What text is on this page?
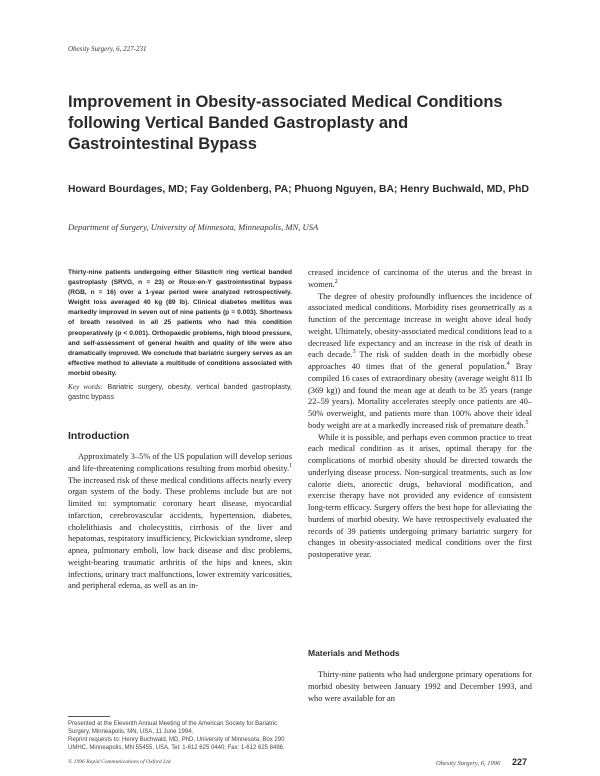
Obesity Surgery, 6, 227-231
Improvement in Obesity-associated Medical Conditions following Vertical Banded Gastroplasty and Gastrointestinal Bypass
Howard Bourdages, MD; Fay Goldenberg, PA; Phuong Nguyen, BA; Henry Buchwald, MD, PhD
Department of Surgery, University of Minnesota, Minneapolis, MN, USA
Thirty-nine patients undergoing either Silastic® ring vertical banded gastroplasty (SRVG, n = 23) or Roux-en-Y gastrointestinal bypass (RGB, n = 16) over a 1-year period were analyzed retrospectively. Weight loss averaged 40 kg (89 lb). Clinical diabetes mellitus was markedly improved in seven out of nine patients (p = 0.003). Shortness of breath resolved in all 25 patients who had this condition preoperatively (p < 0.001). Orthopaedic problems, high blood pressure, and self-assessment of general health and quality of life were also dramatically improved. We conclude that bariatric surgery serves as an effective method to alleviate a multitude of conditions associated with morbid obesity.
Key words: Bariatric surgery, obesity, vertical banded gastroplasty, gastric bypass
Introduction

Approximately 3–5% of the US population will develop serious and life-threatening complications resulting from morbid obesity.$^1$ The increased risk of these medical conditions affects nearly every organ system of the body. These problems include but are not limited to: symptomatic coronary heart disease, myocardial infarction, cerebrovascular accidents, hypertension, diabetes, cholelithiasis and cholecystitis, cirrhosis of the liver and hepatomas, respiratory insufficiency, Pickwickian syndrome, sleep apnea, pulmonary emboli, low back disease and disc problems, weight-bearing traumatic arthritis of the hips and knees, skin infections, urinary tract malfunctions, lower extremity varicosities, and peripheral edema, as well as an in-

creased incidence of carcinoma of the uterus and the breast in women.$^2$

The degree of obesity profoundly influences the incidence of associated medical conditions. Morbidity rises geometrically as a function of the percentage increase in weight above ideal body weight. Ultimately, obesity-associated medical conditions lead to a decreased life expectancy and an increase in the risk of death in each decade.$^3$ The risk of sudden death in the morbidly obese approaches 40 times that of the general population.$^4$ Bray compiled 16 cases of extraordinary obesity (average weight 811 lb (369 kg)) and found the mean age at death to be 35 years (range 22–59 years). Mortality accelerates steeply once patients are 40–50% overweight, and patients more than 100% above their ideal body weight are at a markedly increased risk of premature death.$^5$

While it is possible, and perhaps even common practice to treat each medical condition as it arises, optimal therapy for the complications of morbid obesity should be directed towards the underlying disease process. Non-surgical treatments, such as low calorie diets, anorectic drugs, behavioral modification, and exercise therapy have not provided any evidence of consistent long-term efficacy. Surgery offers the best hope for alleviating the burdens of morbid obesity. We have retrospectively evaluated the records of 39 patients undergoing primary bariatric surgery for changes in obesity-associated medical conditions over the first postoperative year.

Materials and Methods

Thirty-nine patients who had undergone primary operations for morbid obesity between January 1992 and December 1993, and who were available for an

Presented at the Eleventh Annual Meeting of the American Society for Bariatric Surgery, Minneapolis, MN, USA, 11 June 1994.
Reprint requests to: Henry Buchwald, MD, PhD, University of Minnesota, Box 290 UMHC, Minneapolis, MN 55455, USA. Tel: 1-612 625 0440; Fax: 1-612 625 8496.
© 1996 Rapid Communications of Oxford Ltd	Obesity Surgery, 6, 1996 227
